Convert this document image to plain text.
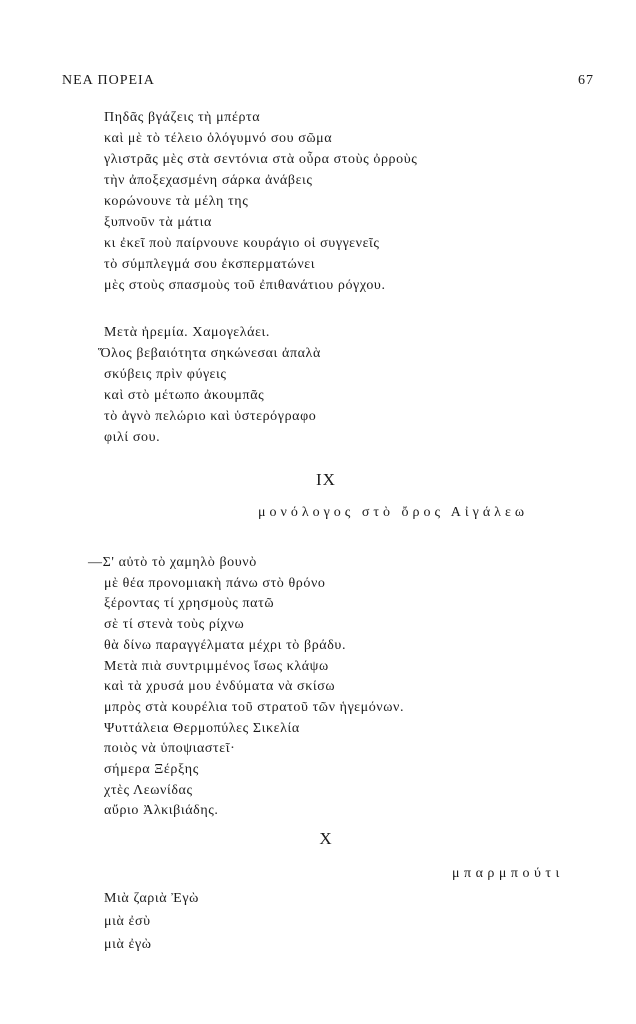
ΝΕΑ ΠΟΡΕΙΑ	67
Πηδᾶς βγάζεις τὴ μπέρτα
καὶ μὲ τὸ τέλειο ὁλόγυμνό σου σῶμα
γλιστρᾶς μὲς στὰ σεντόνια στὰ οὖρα στοὺς ὀρροὺς
τὴν ἀποξεχασμένη σάρκα ἀνάβεις
κορώνουνε τὰ μέλη της
ξυπνοῦν τὰ μάτια
κι ἐκεῖ ποὺ παίρνουνε κουράγιο οἱ συγγενεῖς
τὸ σύμπλεγμά σου ἐκσπερματώνει
μὲς στοὺς σπασμοὺς τοῦ ἐπιθανάτιου ρόγχου.
Μετὰ ἠρεμία. Χαμογελάει.
Ὅλος βεβαιότητα σηκώνεσαι ἀπαλὰ
σκύβεις πρὶν φύγεις
καὶ στὸ μέτωπο ἀκουμπᾶς
τὸ ἁγνὸ πελώριο καὶ ὑστερόγραφο
φιλί σου.
IX
μονόλογος στὸ ὄρος Αἰγάλεω
—Σ' αὐτὸ τὸ χαμηλὸ βουνὸ
μὲ θέα προνομιακὴ πάνω στὸ θρόνο
ξέροντας τί χρησμοὺς πατῶ
σὲ τί στενὰ τοὺς ρίχνω
θὰ δίνω παραγγέλματα μέχρι τὸ βράδυ.
Μετὰ πιὰ συντριμμένος ἴσως κλάψω
καὶ τὰ χρυσά μου ἐνδύματα νὰ σκίσω
μπρὸς στὰ κουρέλια τοῦ στρατοῦ τῶν ἡγεμόνων.
Ψυττάλεια Θερμοπύλες Σικελία
ποιὸς νὰ ὑποψιαστεῖ·
σήμερα Ξέρξης
χτὲς Λεωνίδας
αὔριο Ἀλκιβιάδης.
X
μπαρμπούτι
Μιὰ ζαριὰ Ἐγὼ
μιὰ ἐσὺ
μιὰ ἐγὼ
